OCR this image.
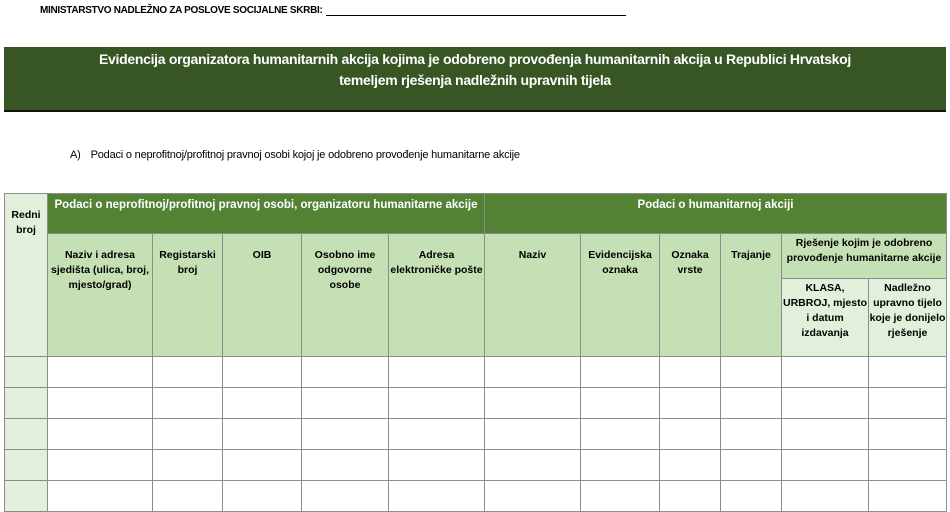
MINISTARSTVO NADLEŽNO ZA POSLOVE SOCIJALNE SKRBI:
Evidencija organizatora humanitarnih akcija kojima je odobreno provođenja humanitarnih akcija u Republici Hrvatskoj
temeljem rješenja nadležnih upravnih tijela
A) Podaci o neprofitnoj/profitnoj pravnoj osobi kojoj je odobreno provođenje humanitarne akcije
Redni broj	Podaci o neprofitnoj/profitnoj pravnoj osobi, organizatoru humanitarne akcije					Podaci o humanitarnoj akciji					
	Naziv i adresa sjedišta (ulica, broj, mjesto/grad)	Registarski broj	OIB	Osobno ime odgovorne osobe	Adresa elektroničke pošte	Naziv	Evidencijska oznaka	Oznaka vrste	Trajanje	Rješenje kojim je odobreno provođenje humanitarne akcije	
										KLASA, URBROJ, mjesto i datum izdavanja	Nadležno upravno tijelo koje je donijelo rješenje
